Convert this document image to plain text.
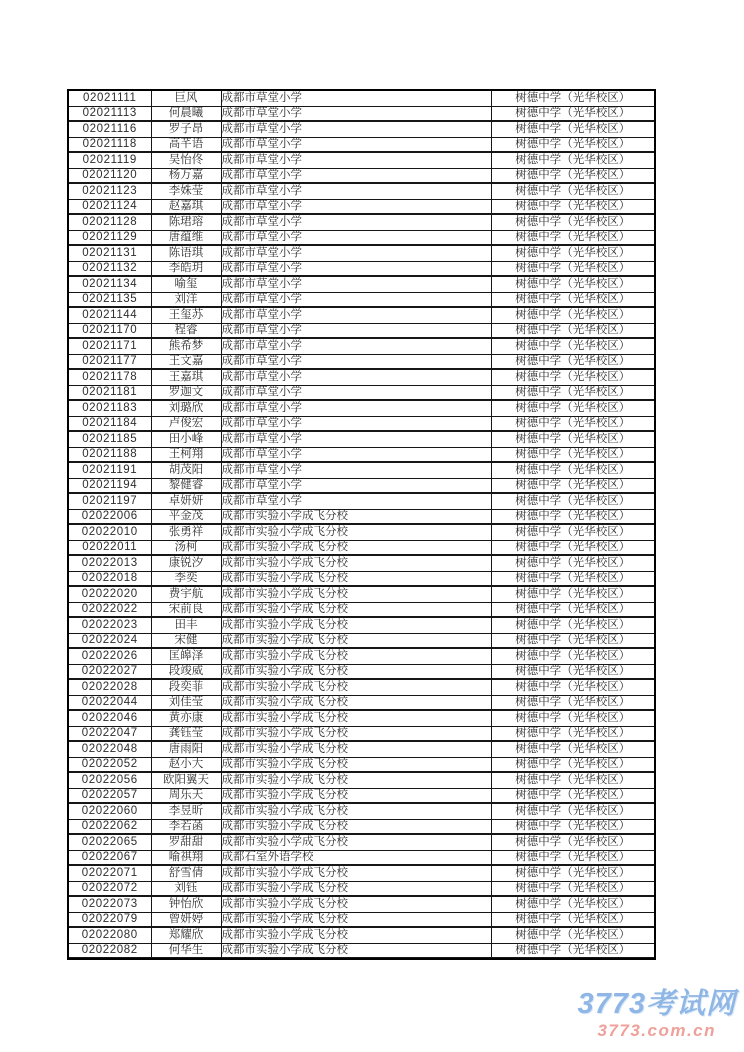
02021111	巨风	成都市草堂小学	树德中学（光华校区）
02021113	何晨曦	成都市草堂小学	树德中学（光华校区）
02021116	罗子昂	成都市草堂小学	树德中学（光华校区）
02021118	高芊语	成都市草堂小学	树德中学（光华校区）
02021119	吴怡佟	成都市草堂小学	树德中学（光华校区）
02021120	杨万嘉	成都市草堂小学	树德中学（光华校区）
02021123	李姝莹	成都市草堂小学	树德中学（光华校区）
02021124	赵嘉琪	成都市草堂小学	树德中学（光华校区）
02021128	陈珺瑢	成都市草堂小学	树德中学（光华校区）
02021129	唐蕴维	成都市草堂小学	树德中学（光华校区）
02021131	陈语琪	成都市草堂小学	树德中学（光华校区）
02021132	李皓玥	成都市草堂小学	树德中学（光华校区）
02021134	喻玺	成都市草堂小学	树德中学（光华校区）
02021135	刘洋	成都市草堂小学	树德中学（光华校区）
02021144	王玺苏	成都市草堂小学	树德中学（光华校区）
02021170	程睿	成都市草堂小学	树德中学（光华校区）
02021171	熊希梦	成都市草堂小学	树德中学（光华校区）
02021177	王文嘉	成都市草堂小学	树德中学（光华校区）
02021178	王嘉琪	成都市草堂小学	树德中学（光华校区）
02021181	罗迦文	成都市草堂小学	树德中学（光华校区）
02021183	刘璐欣	成都市草堂小学	树德中学（光华校区）
02021184	卢俊宏	成都市草堂小学	树德中学（光华校区）
02021185	田小峰	成都市草堂小学	树德中学（光华校区）
02021188	王柯翔	成都市草堂小学	树德中学（光华校区）
02021191	胡茂阳	成都市草堂小学	树德中学（光华校区）
02021194	黎健睿	成都市草堂小学	树德中学（光华校区）
02021197	卓妍妍	成都市草堂小学	树德中学（光华校区）
02022006	平金茂	成都市实验小学成飞分校	树德中学（光华校区）
02022010	张勇祥	成都市实验小学成飞分校	树德中学（光华校区）
02022011	汤柯	成都市实验小学成飞分校	树德中学（光华校区）
02022013	康锐汐	成都市实验小学成飞分校	树德中学（光华校区）
02022018	李奕	成都市实验小学成飞分校	树德中学（光华校区）
02022020	费宇航	成都市实验小学成飞分校	树德中学（光华校区）
02022022	宋前良	成都市实验小学成飞分校	树德中学（光华校区）
02022023	田丰	成都市实验小学成飞分校	树德中学（光华校区）
02022024	宋健	成都市实验小学成飞分校	树德中学（光华校区）
02022026	匡皞泽	成都市实验小学成飞分校	树德中学（光华校区）
02022027	段竣威	成都市实验小学成飞分校	树德中学（光华校区）
02022028	段奕菲	成都市实验小学成飞分校	树德中学（光华校区）
02022044	刘佳莹	成都市实验小学成飞分校	树德中学（光华校区）
02022046	黄亦康	成都市实验小学成飞分校	树德中学（光华校区）
02022047	龚钰莹	成都市实验小学成飞分校	树德中学（光华校区）
02022048	唐雨阳	成都市实验小学成飞分校	树德中学（光华校区）
02022052	赵小大	成都市实验小学成飞分校	树德中学（光华校区）
02022056	欧阳翼天	成都市实验小学成飞分校	树德中学（光华校区）
02022057	周乐天	成都市实验小学成飞分校	树德中学（光华校区）
02022060	李昱昕	成都市实验小学成飞分校	树德中学（光华校区）
02022062	李若菡	成都市实验小学成飞分校	树德中学（光华校区）
02022065	罗甜甜	成都市实验小学成飞分校	树德中学（光华校区）
02022067	喻祺翔	成都石室外语学校	树德中学（光华校区）
02022071	舒雪倩	成都市实验小学成飞分校	树德中学（光华校区）
02022072	刘钰	成都市实验小学成飞分校	树德中学（光华校区）
02022073	钟怡欣	成都市实验小学成飞分校	树德中学（光华校区）
02022079	曾妍婷	成都市实验小学成飞分校	树德中学（光华校区）
02022080	郑耀欣	成都市实验小学成飞分校	树德中学（光华校区）
02022082	何华生	成都市实验小学成飞分校	树德中学（光华校区）
3773考试网
3773.com.cn
